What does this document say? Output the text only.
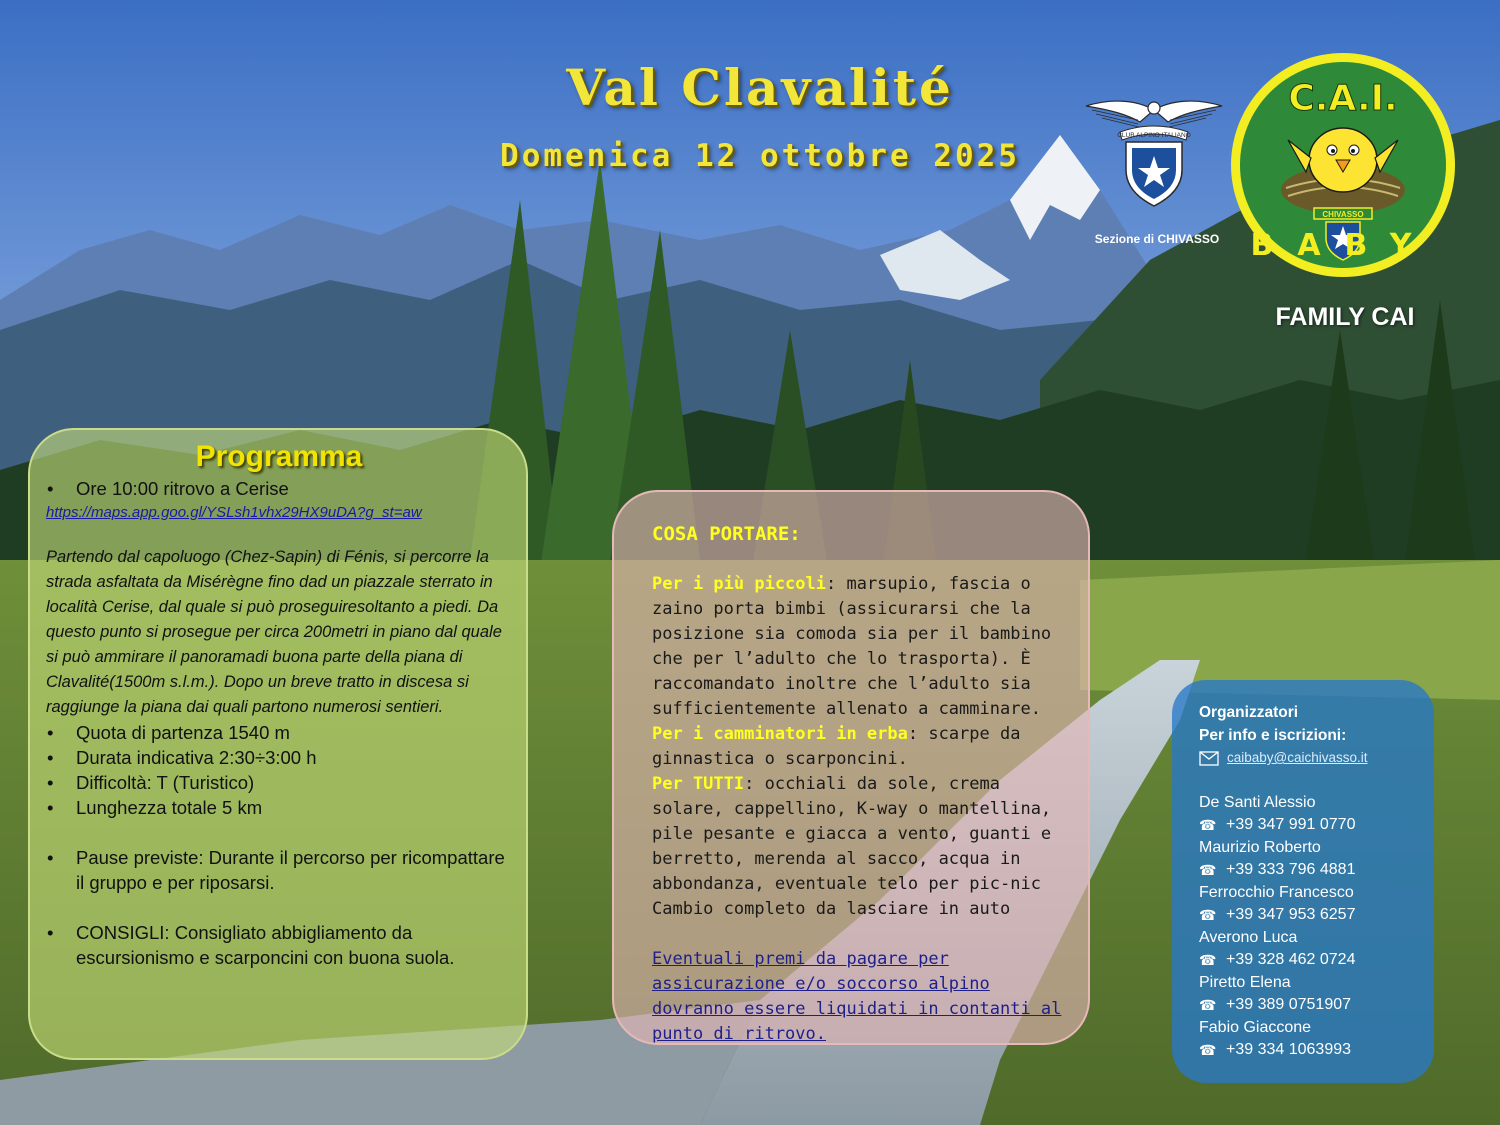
Val Clavalité
Domenica 12 ottobre 2025
CLUB ALPINO ITALIANO
Sezione di CHIVASSO
C.A.I.
CHIVASSO
BABY
FAMILY CAI
Programma
•	Ore 10:00 ritrovo a Cerise
https://maps.app.goo.gl/YSLsh1vhx29HX9uDA?g_st=aw
Partendo dal capoluogo (Chez-Sapin) di Fénis, si percorre la strada asfaltata da Misérègne fino dad un piazzale sterrato in località Cerise, dal quale si può proseguiresoltanto a piedi. Da questo punto si prosegue per circa 200metri in piano dal quale si può ammirare il panoramadi buona parte della piana di Clavalité(1500m s.l.m.). Dopo un breve tratto in discesa si raggiunge la piana dai quali partono numerosi sentieri.
•	Quota di partenza 1540 m
•	Durata indicativa 2:30÷3:00 h
•	Difficoltà: T (Turistico)
•	Lunghezza totale 5 km
•	Pause previste: Durante il percorso per ricompattare il gruppo e per riposarsi.
•	CONSIGLI: Consigliato abbigliamento da escursionismo e scarponcini con buona suola.
COSA PORTARE:
Per i più piccoli: marsupio, fascia o zaino porta bimbi (assicurarsi che la posizione sia comoda sia per il bambino che per l’adulto che lo trasporta). È raccomandato inoltre che l’adulto sia sufficientemente allenato a camminare.
Per i camminatori in erba: scarpe da ginnastica o scarponcini.
Per TUTTI: occhiali da sole, crema solare, cappellino, K-way o mantellina, pile pesante e giacca a vento, guanti e berretto, merenda al sacco, acqua in abbondanza, eventuale telo per pic-nic
Cambio completo da lasciare in auto
Eventuali premi da pagare per assicurazione e/o soccorso alpino dovranno essere liquidati in contanti al punto di ritrovo.
Organizzatori
Per info e iscrizioni:
caibaby@caichivasso.it
De Santi Alessio
☎ +39 347 991 0770
Maurizio Roberto
☎ +39 333 796 4881
Ferrocchio Francesco
☎ +39 347 953 6257
Averono Luca
☎ +39 328 462 0724
Piretto Elena
☎ +39 389 0751907
Fabio Giaccone
☎ +39 334 1063993
